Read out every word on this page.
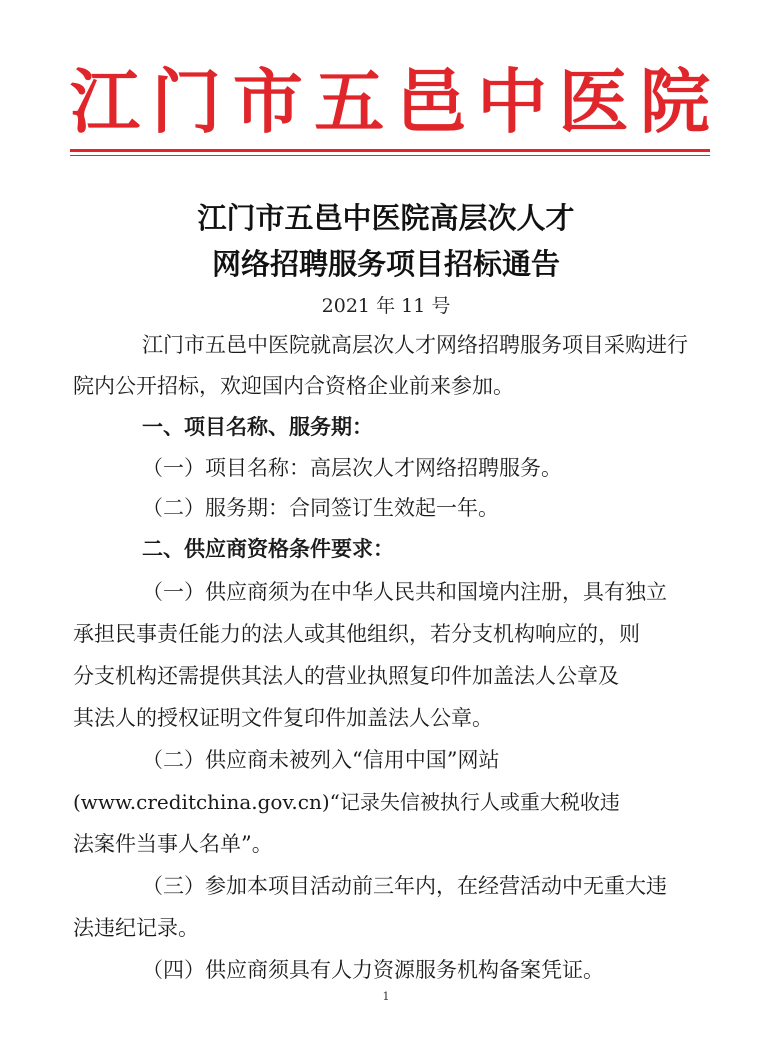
江 门 市 五 邑 中 医 院
江门市五邑中医院高层次人才
网络招聘服务项目招标通告
2021 年 11 号
江门市五邑中医院就高层次人才网络招聘服务项目采购进行
院内公开招标，欢迎国内合资格企业前来参加。
一、项目名称、服务期：
（一）项目名称：高层次人才网络招聘服务。
（二）服务期：合同签订生效起一年。
二、供应商资格条件要求：
（一）供应商须为在中华人民共和国境内注册，具有独立
承担民事责任能力的法人或其他组织，若分支机构响应的，则
分支机构还需提供其法人的营业执照复印件加盖法人公章及
其法人的授权证明文件复印件加盖法人公章。
（二）供应商未被列入“信用中国”网站
(www.creditchina.gov.cn)“记录失信被执行人或重大税收违
法案件当事人名单”。
（三）参加本项目活动前三年内，在经营活动中无重大违
法违纪记录。
（四）供应商须具有人力资源服务机构备案凭证。
1
